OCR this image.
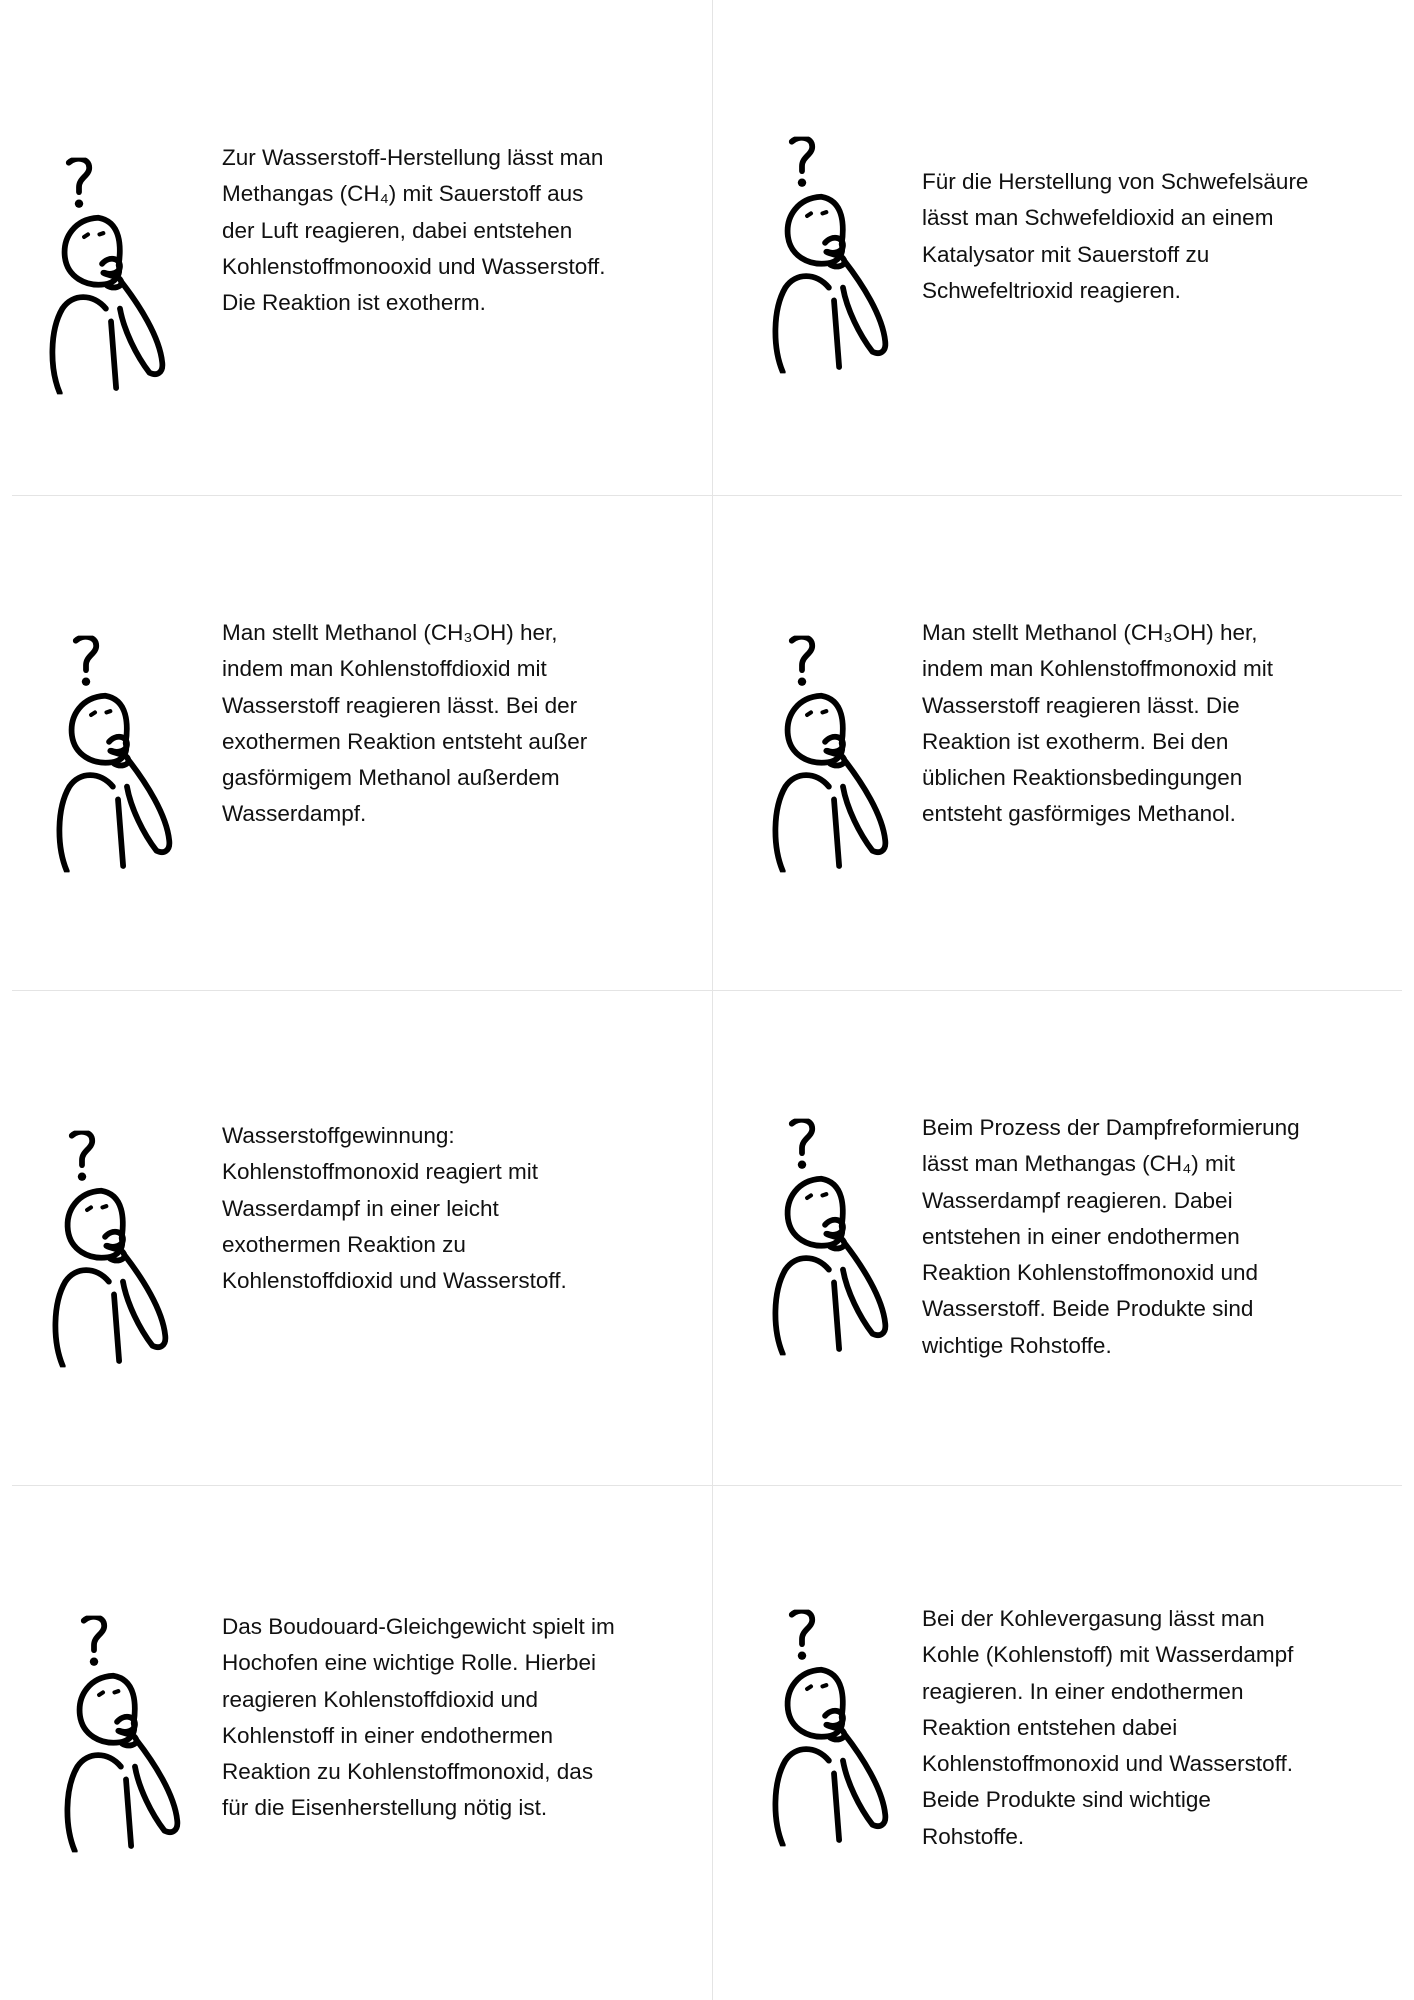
Zur Wasserstoff-Herstellung lässt man
Methangas (CH₄) mit Sauerstoff aus
der Luft reagieren, dabei entstehen
Kohlenstoffmonooxid und Wasserstoff.
Die Reaktion ist exotherm.

Für die Herstellung von Schwefelsäure
lässt man Schwefeldioxid an einem
Katalysator mit Sauerstoff zu
Schwefeltrioxid reagieren.

Man stellt Methanol (CH₃OH) her,
indem man Kohlenstoffdioxid mit
Wasserstoff reagieren lässt. Bei der
exothermen Reaktion entsteht außer
gasförmigem Methanol außerdem
Wasserdampf.

Man stellt Methanol (CH₃OH) her,
indem man Kohlenstoffmonoxid mit
Wasserstoff reagieren lässt. Die
Reaktion ist exotherm. Bei den
üblichen Reaktionsbedingungen
entsteht gasförmiges Methanol.

Wasserstoffgewinnung:
Kohlenstoffmonoxid reagiert mit
Wasserdampf in einer leicht
exothermen Reaktion zu
Kohlenstoffdioxid und Wasserstoff.

Beim Prozess der Dampfreformierung
lässt man Methangas (CH₄) mit
Wasserdampf reagieren. Dabei
entstehen in einer endothermen
Reaktion Kohlenstoffmonoxid und
Wasserstoff. Beide Produkte sind
wichtige Rohstoffe.

Das Boudouard-Gleichgewicht spielt im
Hochofen eine wichtige Rolle. Hierbei
reagieren Kohlenstoffdioxid und
Kohlenstoff in einer endothermen
Reaktion zu Kohlenstoffmonoxid, das
für die Eisenherstellung nötig ist.

Bei der Kohlevergasung lässt man
Kohle (Kohlenstoff) mit Wasserdampf
reagieren. In einer endothermen
Reaktion entstehen dabei
Kohlenstoffmonoxid und Wasserstoff.
Beide Produkte sind wichtige
Rohstoffe.
